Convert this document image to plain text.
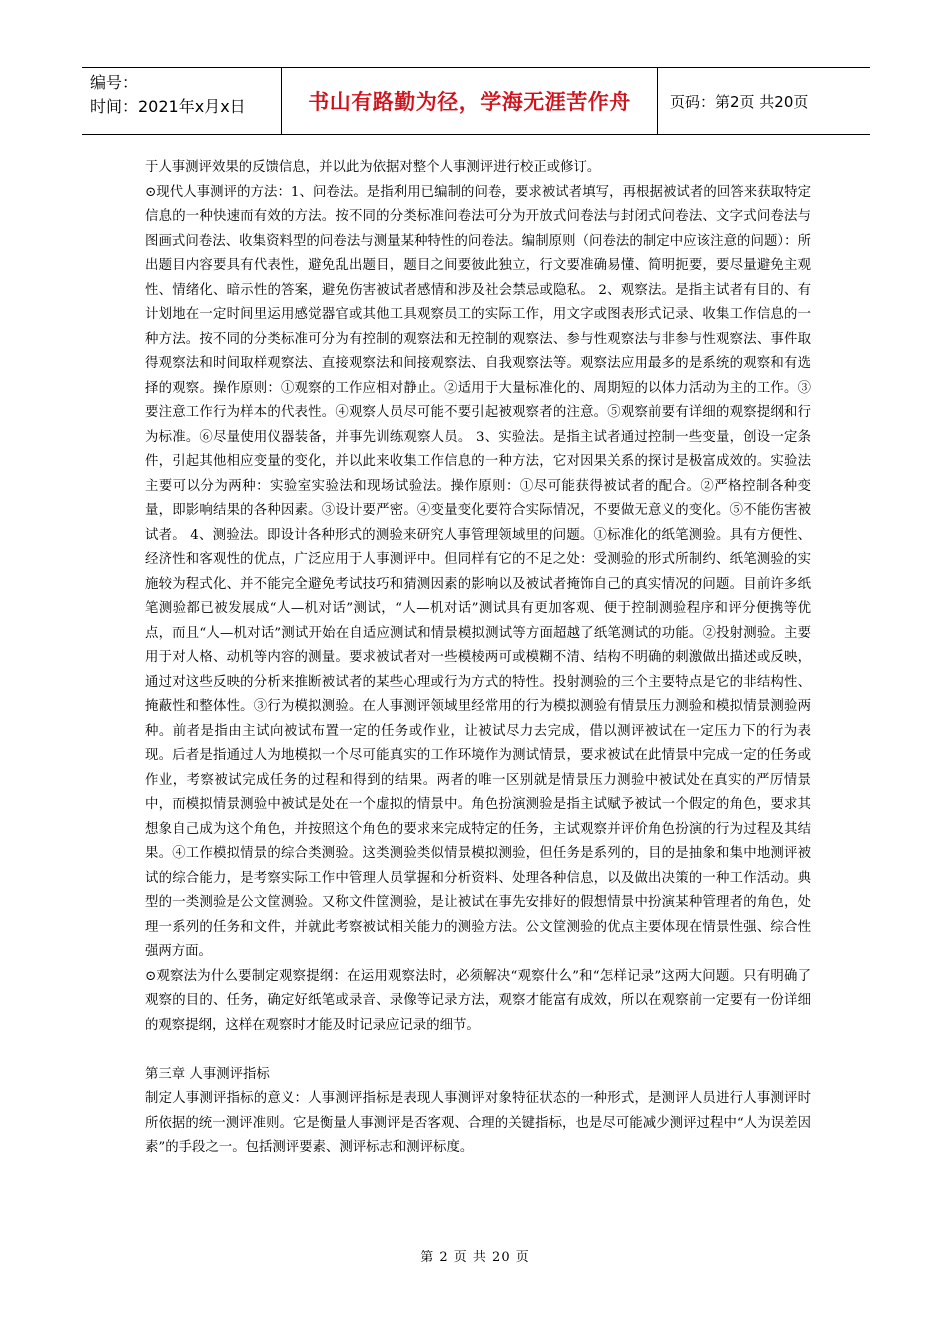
编号：
时间：2021年x月x日	书山有路勤为径，学海无涯苦作舟	页码：第2页 共20页

于人事测评效果的反馈信息，并以此为依据对整个人事测评进行校正或修订。

⊙现代人事测评的方法：1、问卷法。是指利用已编制的问卷，要求被试者填写，再根据被试者的回答来获取特定信息的一种快速而有效的方法。按不同的分类标准问卷法可分为开放式问卷法与封闭式问卷法、文字式问卷法与图画式问卷法、收集资料型的问卷法与测量某种特性的问卷法。编制原则（问卷法的制定中应该注意的问题）：所出题目内容要具有代表性，避免乱出题目，题目之间要彼此独立，行文要准确易懂、简明扼要，要尽量避免主观性、情绪化、暗示性的答案，避免伤害被试者感情和涉及社会禁忌或隐私。 2、观察法。是指主试者有目的、有计划地在一定时间里运用感觉器官或其他工具观察员工的实际工作，用文字或图表形式记录、收集工作信息的一种方法。按不同的分类标准可分为有控制的观察法和无控制的观察法、参与性观察法与非参与性观察法、事件取得观察法和时间取样观察法、直接观察法和间接观察法、自我观察法等。观察法应用最多的是系统的观察和有选择的观察。操作原则：①观察的工作应相对静止。②适用于大量标准化的、周期短的以体力活动为主的工作。③要注意工作行为样本的代表性。④观察人员尽可能不要引起被观察者的注意。⑤观察前要有详细的观察提纲和行为标准。⑥尽量使用仪器装备，并事先训练观察人员。 3、实验法。是指主试者通过控制一些变量，创设一定条件，引起其他相应变量的变化，并以此来收集工作信息的一种方法，它对因果关系的探讨是极富成效的。实验法主要可以分为两种：实验室实验法和现场试验法。操作原则：①尽可能获得被试者的配合。②严格控制各种变量，即影响结果的各种因素。③设计要严密。④变量变化要符合实际情况，不要做无意义的变化。⑤不能伤害被试者。 4、测验法。即设计各种形式的测验来研究人事管理领域里的问题。①标准化的纸笔测验。具有方便性、经济性和客观性的优点，广泛应用于人事测评中。但同样有它的不足之处：受测验的形式所制约、纸笔测验的实施较为程式化、并不能完全避免考试技巧和猜测因素的影响以及被试者掩饰自己的真实情况的问题。目前许多纸笔测验都已被发展成“人—机对话”测试，“人—机对话”测试具有更加客观、便于控制测验程序和评分便携等优点，而且“人—机对话”测试开始在自适应测试和情景模拟测试等方面超越了纸笔测试的功能。②投射测验。主要用于对人格、动机等内容的测量。要求被试者对一些模棱两可或模糊不清、结构不明确的刺激做出描述或反映，通过对这些反映的分析来推断被试者的某些心理或行为方式的特性。投射测验的三个主要特点是它的非结构性、掩蔽性和整体性。③行为模拟测验。在人事测评领域里经常用的行为模拟测验有情景压力测验和模拟情景测验两种。前者是指由主试向被试布置一定的任务或作业，让被试尽力去完成，借以测评被试在一定压力下的行为表现。后者是指通过人为地模拟一个尽可能真实的工作环境作为测试情景，要求被试在此情景中完成一定的任务或作业，考察被试完成任务的过程和得到的结果。两者的唯一区别就是情景压力测验中被试处在真实的严厉情景中，而模拟情景测验中被试是处在一个虚拟的情景中。角色扮演测验是指主试赋予被试一个假定的角色，要求其想象自己成为这个角色，并按照这个角色的要求来完成特定的任务，主试观察并评价角色扮演的行为过程及其结果。④工作模拟情景的综合类测验。这类测验类似情景模拟测验，但任务是系列的，目的是抽象和集中地测评被试的综合能力，是考察实际工作中管理人员掌握和分析资料、处理各种信息，以及做出决策的一种工作活动。典型的一类测验是公文筐测验。又称文件筐测验，是让被试在事先安排好的假想情景中扮演某种管理者的角色，处理一系列的任务和文件，并就此考察被试相关能力的测验方法。公文筐测验的优点主要体现在情景性强、综合性强两方面。

⊙观察法为什么要制定观察提纲：在运用观察法时，必须解决“观察什么”和“怎样记录”这两大问题。只有明确了观察的目的、任务，确定好纸笔或录音、录像等记录方法，观察才能富有成效，所以在观察前一定要有一份详细的观察提纲，这样在观察时才能及时记录应记录的细节。

第三章 人事测评指标

制定人事测评指标的意义：人事测评指标是表现人事测评对象特征状态的一种形式，是测评人员进行人事测评时所依据的统一测评准则。它是衡量人事测评是否客观、合理的关键指标，也是尽可能减少测评过程中“人为误差因素”的手段之一。包括测评要素、测评标志和测评标度。

第 2 页 共 20 页
